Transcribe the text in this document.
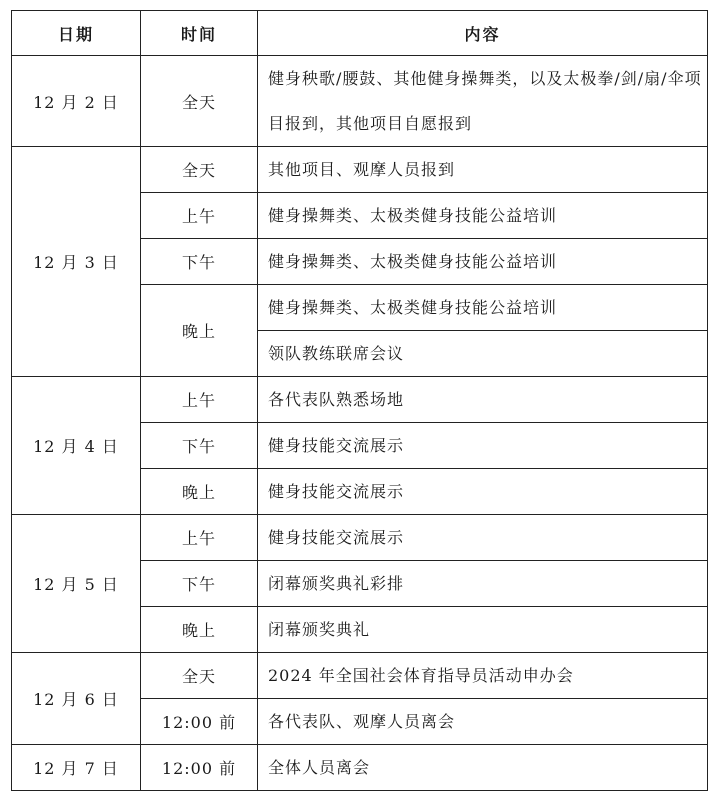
日期	时间	内容
12 月 2 日	全天	健身秧歌/腰鼓、其他健身操舞类，以及太极拳/剑/扇/伞项目报到，其他项目自愿报到

12 月 3 日	全天	其他项目、观摩人员报到
	上午	健身操舞类、太极类健身技能公益培训
	下午	健身操舞类、太极类健身技能公益培训
	晚上	健身操舞类、太极类健身技能公益培训
		领队教练联席会议
12 月 4 日	上午	各代表队熟悉场地
	下午	健身技能交流展示
	晚上	健身技能交流展示
12 月 5 日	上午	健身技能交流展示
	下午	闭幕颁奖典礼彩排
	晚上	闭幕颁奖典礼
12 月 6 日	全天	2024 年全国社会体育指导员活动申办会
	12:00 前	各代表队、观摩人员离会
12 月 7 日	12:00 前	全体人员离会
